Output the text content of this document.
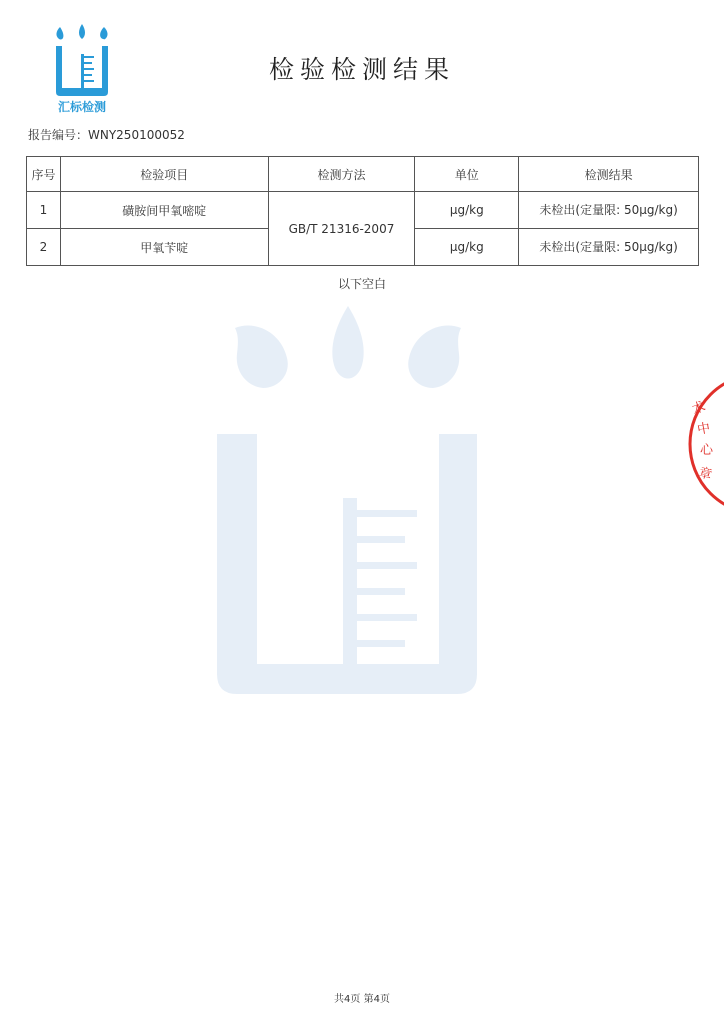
汇标检测
检验检测结果
报告编号：WNY250100052
序号	检验项目	检测方法	单位	检测结果
1	磺胺间甲氧嘧啶	GB/T 21316-2007	μg/kg	未检出(定量限: 50μg/kg)
2	甲氧苄啶		μg/kg	未检出(定量限: 50μg/kg)
以下空白
术
中
心
章
共4页 第4页
